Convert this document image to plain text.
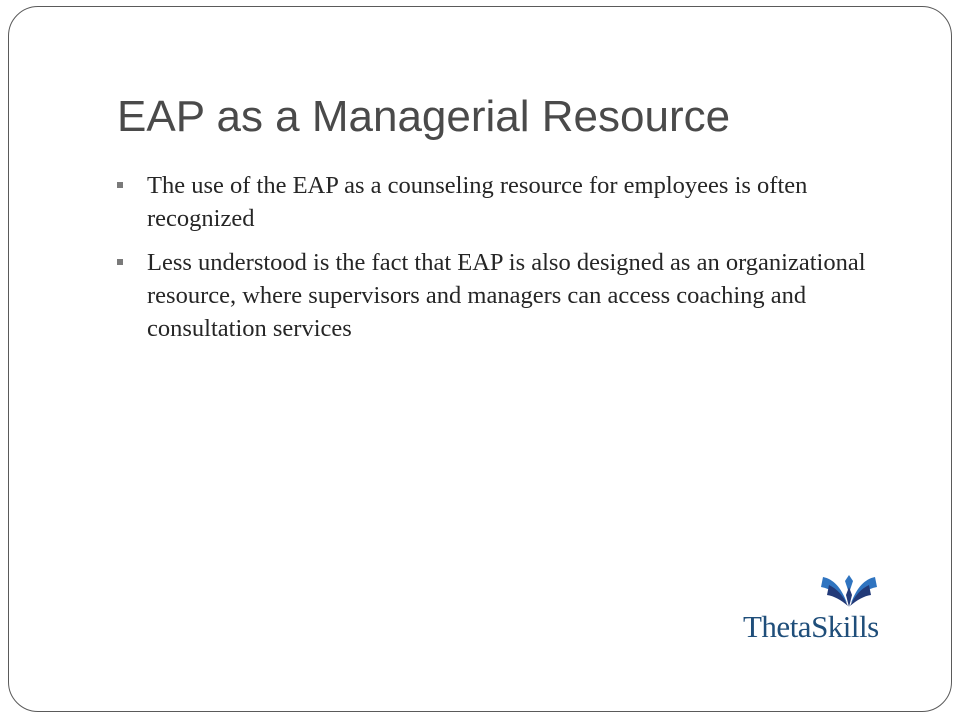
EAP as a Managerial Resource
The use of the EAP as a counseling resource for employees is often recognized
Less understood is the fact that EAP is also designed as an organizational resource, where supervisors and managers can access coaching and consultation services
ThetaSkills
